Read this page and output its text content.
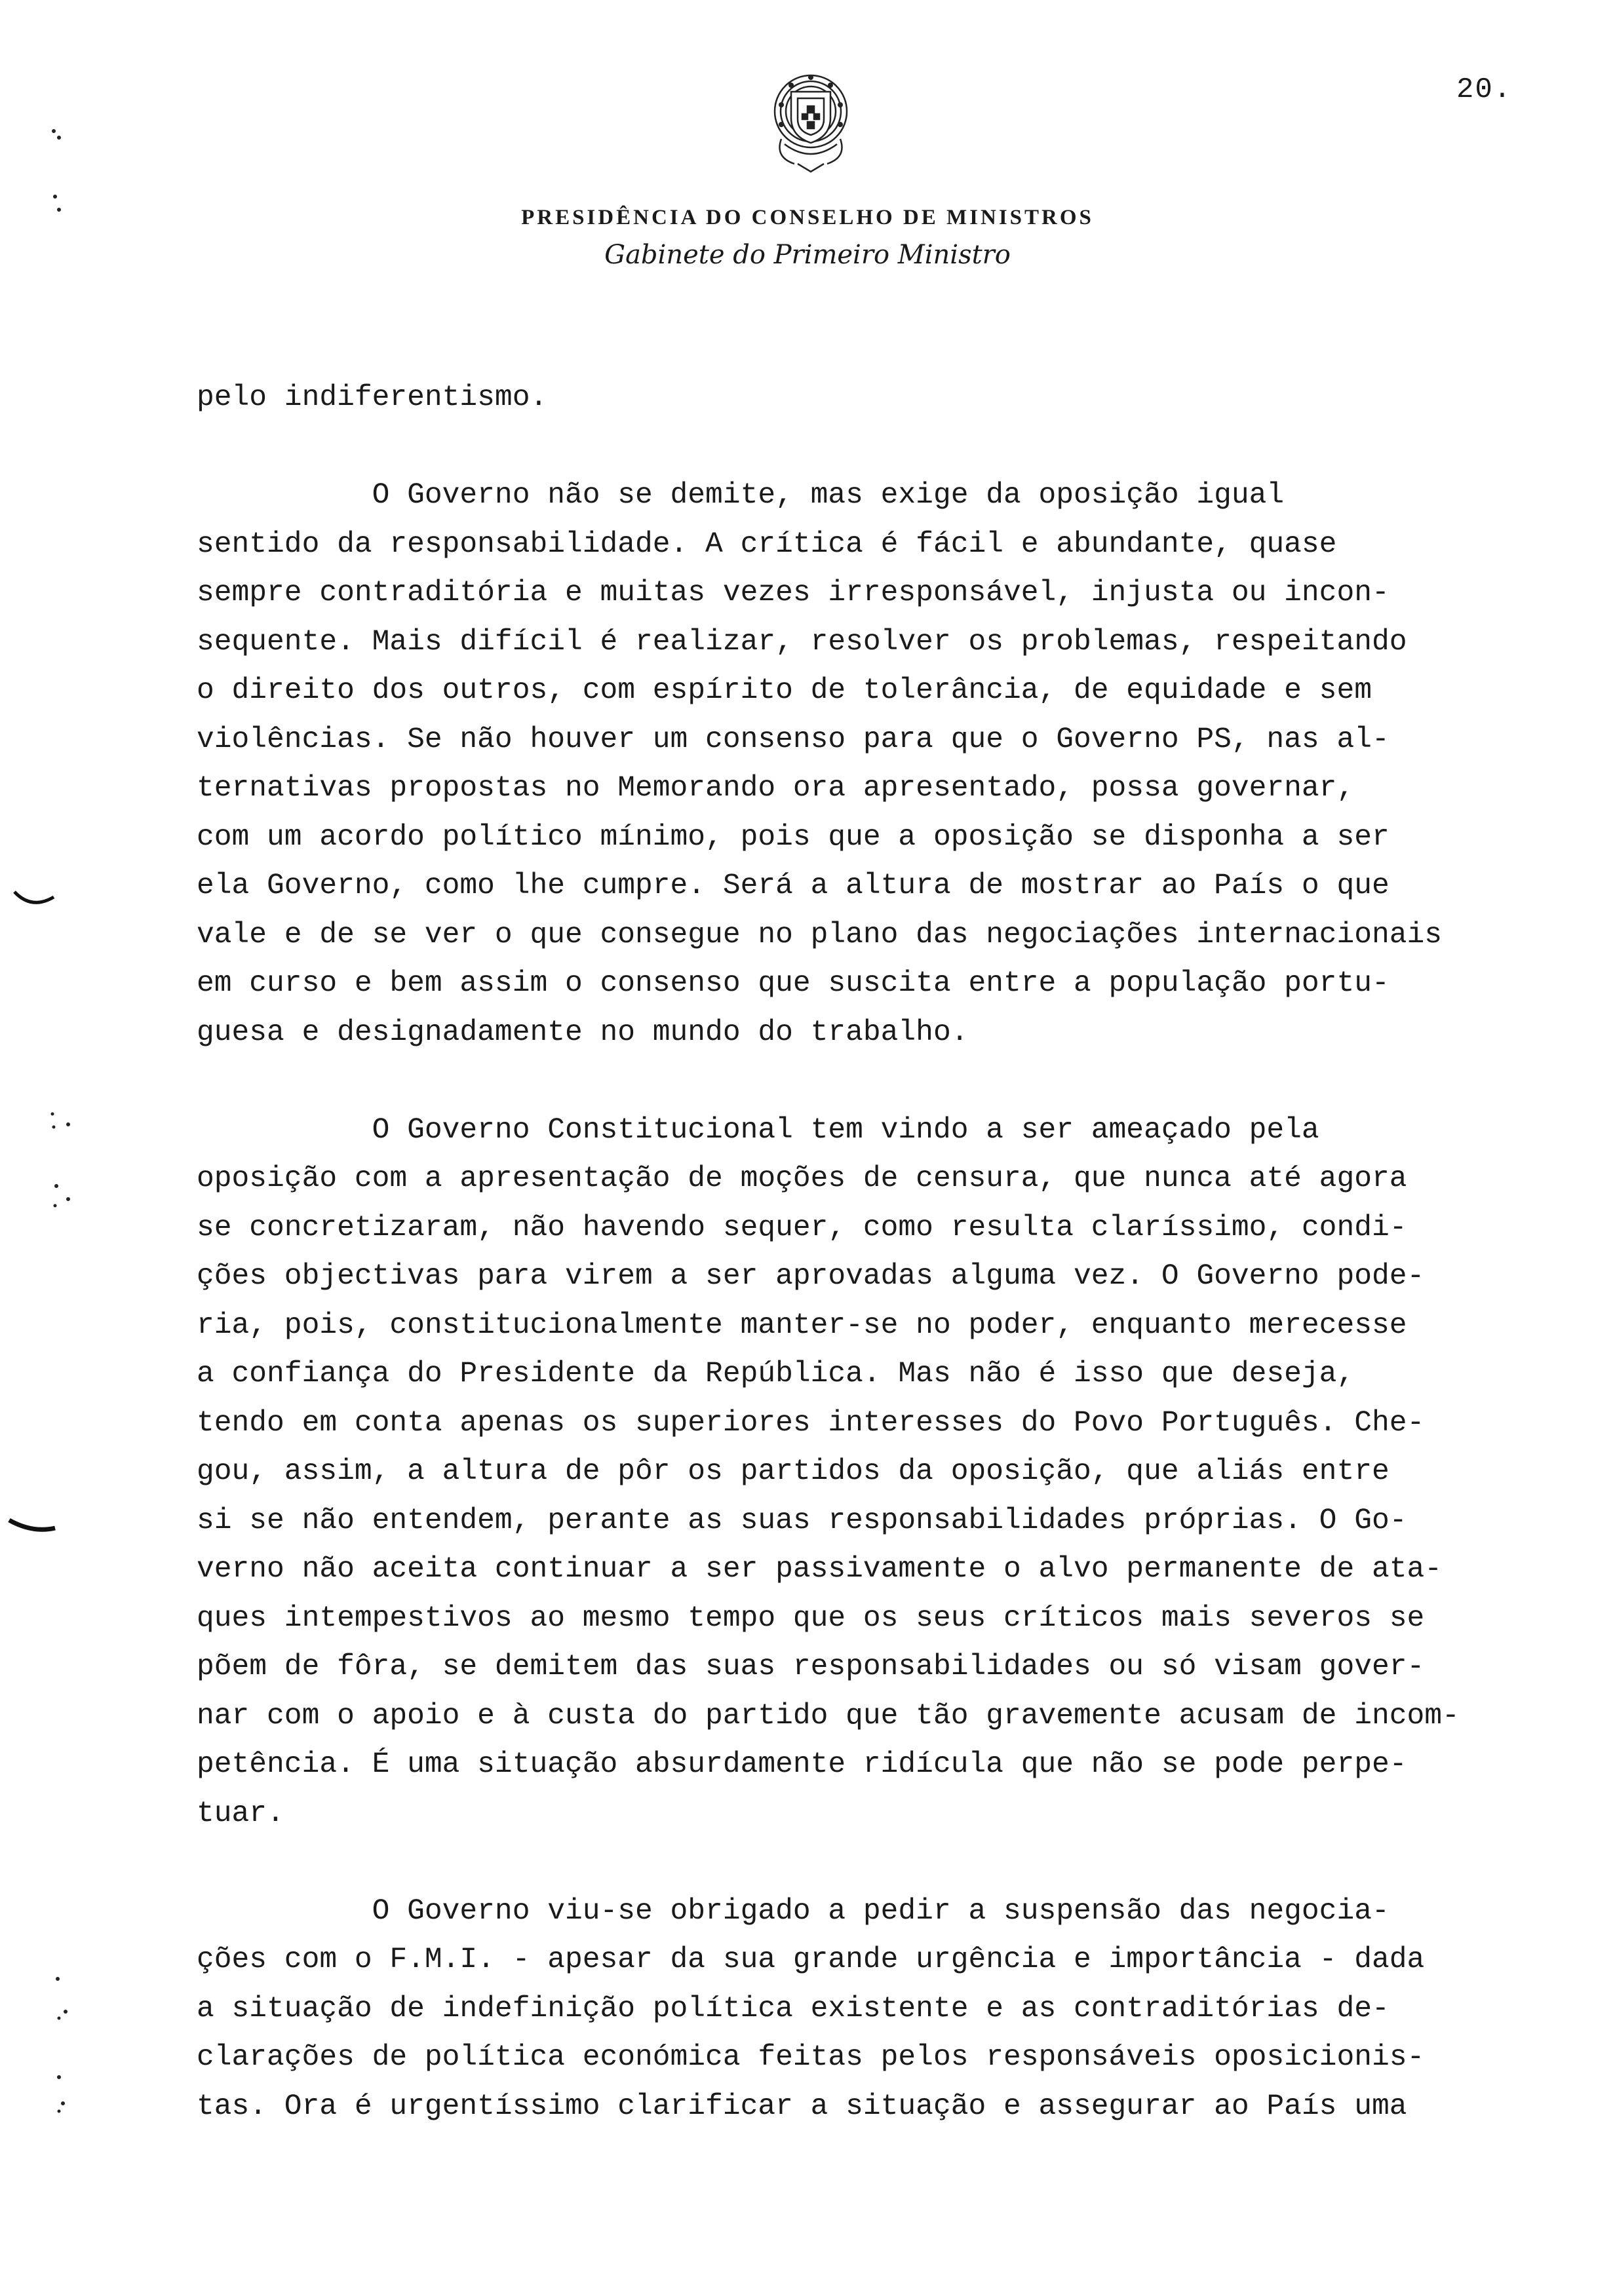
20.
PRESIDÊNCIA DO CONSELHO DE MINISTROS
Gabinete do Primeiro Ministro
pelo indiferentismo.
O Governo não se demite, mas exige da oposição igual
sentido da responsabilidade. A crítica é fácil e abundante, quase
sempre contraditória e muitas vezes irresponsável, injusta ou incon-
sequente. Mais difícil é realizar, resolver os problemas, respeitando
o direito dos outros, com espírito de tolerância, de equidade e sem
violências. Se não houver um consenso para que o Governo PS, nas al-
ternativas propostas no Memorando ora apresentado, possa governar,
com um acordo político mínimo, pois que a oposição se disponha a ser
ela Governo, como lhe cumpre. Será a altura de mostrar ao País o que
vale e de se ver o que consegue no plano das negociações internacionais
em curso e bem assim o consenso que suscita entre a população portu-
guesa e designadamente no mundo do trabalho.
O Governo Constitucional tem vindo a ser ameaçado pela
oposição com a apresentação de moções de censura, que nunca até agora
se concretizaram, não havendo sequer, como resulta claríssimo, condi-
ções objectivas para virem a ser aprovadas alguma vez. O Governo pode-
ria, pois, constitucionalmente manter-se no poder, enquanto merecesse
a confiança do Presidente da República. Mas não é isso que deseja,
tendo em conta apenas os superiores interesses do Povo Português. Che-
gou, assim, a altura de pôr os partidos da oposição, que aliás entre
si se não entendem, perante as suas responsabilidades próprias. O Go-
verno não aceita continuar a ser passivamente o alvo permanente de ata-
ques intempestivos ao mesmo tempo que os seus críticos mais severos se
põem de fôra, se demitem das suas responsabilidades ou só visam gover-
nar com o apoio e à custa do partido que tão gravemente acusam de incom-
petência. É uma situação absurdamente ridícula que não se pode perpe-
tuar.
O Governo viu-se obrigado a pedir a suspensão das negocia-
ções com o F.M.I. - apesar da sua grande urgência e importância - dada
a situação de indefinição política existente e as contraditórias de-
clarações de política económica feitas pelos responsáveis oposicionis-
tas. Ora é urgentíssimo clarificar a situação e assegurar ao País uma
